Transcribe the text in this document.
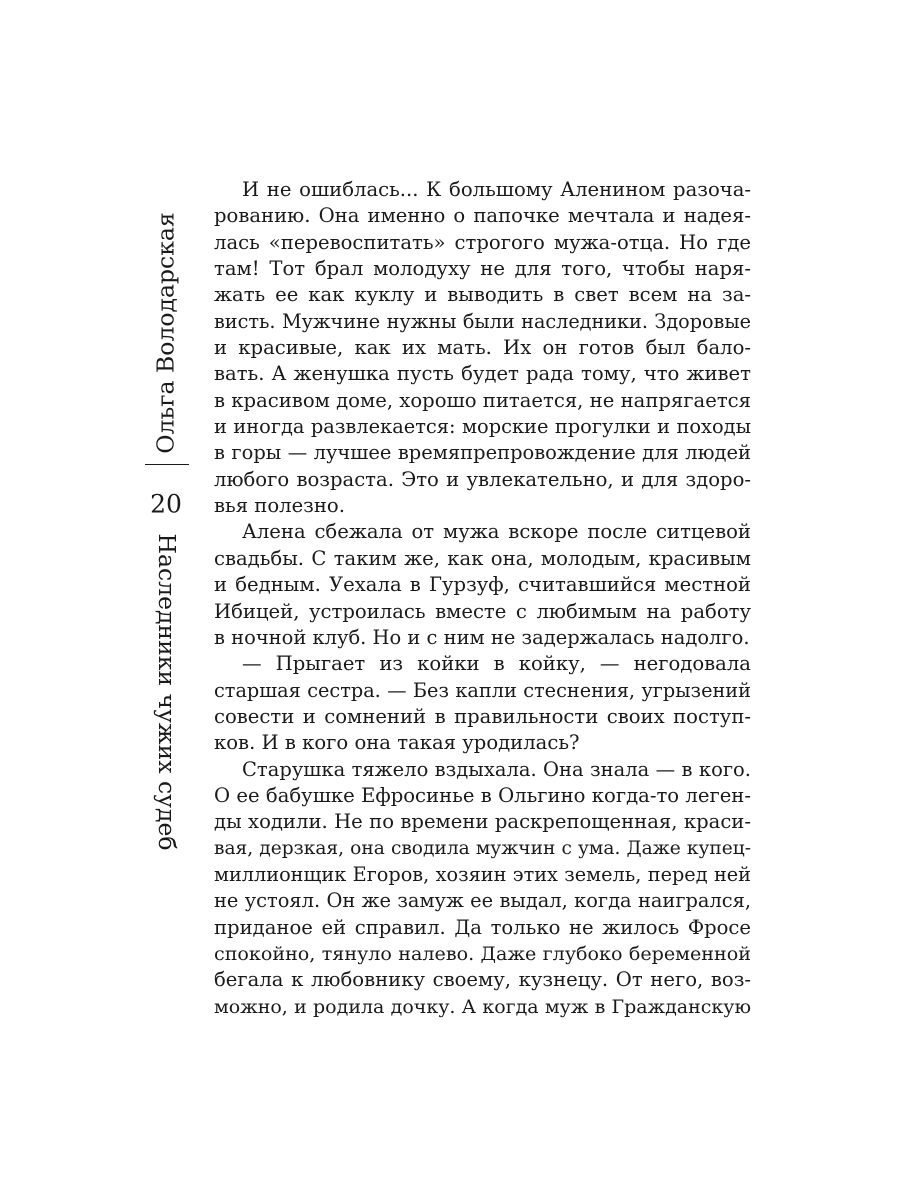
Ольга Володарская
20
Наследники чужих судеб
И не ошиблась... К большому Аленином разоча-
рованию. Она именно о папочке мечтала и надея-
лась «перевоспитать» строгого мужа-отца. Но где
там! Тот брал молодуху не для того, чтобы наря-
жать ее как куклу и выводить в свет всем на за-
висть. Мужчине нужны были наследники. Здоровые
и красивые, как их мать. Их он готов был бало-
вать. А женушка пусть будет рада тому, что живет
в красивом доме, хорошо питается, не напрягается
и иногда развлекается: морские прогулки и походы
в горы — лучшее времяпрепровождение для людей
любого возраста. Это и увлекательно, и для здоро-
вья полезно.
Алена сбежала от мужа вскоре после ситцевой
свадьбы. С таким же, как она, молодым, красивым
и бедным. Уехала в Гурзуф, считавшийся местной
Ибицей, устроилась вместе с любимым на работу
в ночной клуб. Но и с ним не задержалась надолго.
— Прыгает из койки в койку, — негодовала
старшая сестра. — Без капли стеснения, угрызений
совести и сомнений в правильности своих поступ-
ков. И в кого она такая уродилась?
Старушка тяжело вздыхала. Она знала — в кого.
О ее бабушке Ефросинье в Ольгино когда-то леген-
ды ходили. Не по времени раскрепощенная, краси-
вая, дерзкая, она сводила мужчин с ума. Даже купец-
миллионщик Егоров, хозяин этих земель, перед ней
не устоял. Он же замуж ее выдал, когда наигрался,
приданое ей справил. Да только не жилось Фросе
спокойно, тянуло налево. Даже глубоко беременной
бегала к любовнику своему, кузнецу. От него, воз-
можно, и родила дочку. А когда муж в Гражданскую
